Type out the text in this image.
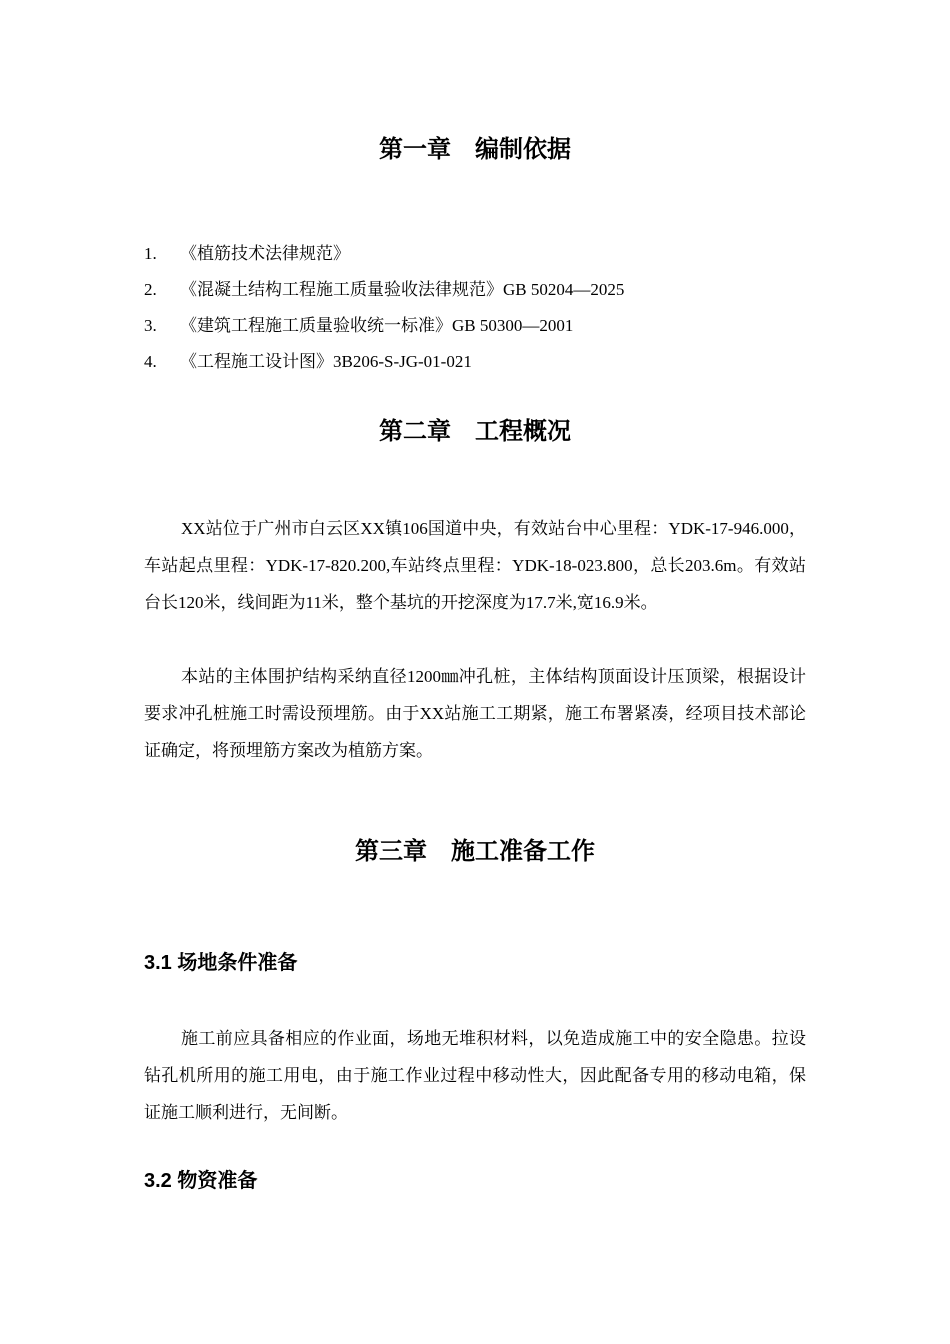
第一章　编制依据
1. 《植筋技术法律规范》
2. 《混凝土结构工程施工质量验收法律规范》GB 50204—2025
3. 《建筑工程施工质量验收统一标准》GB 50300—2001
4. 《工程施工设计图》3B206-S-JG-01-021
第二章　工程概况

XX站位于广州市白云区XX镇106国道中央，有效站台中心里程：YDK-17-946.000，车站起点里程：YDK-17-820.200,车站终点里程：YDK-18-023.800，总长203.6m。有效站台长120米，线间距为11米，整个基坑的开挖深度为17.7米,宽16.9米。

本站的主体围护结构采纳直径1200㎜冲孔桩，主体结构顶面设计压顶梁，根据设计要求冲孔桩施工时需设预埋筋。由于XX站施工工期紧，施工布署紧凑，经项目技术部论证确定，将预埋筋方案改为植筋方案。

第三章　施工准备工作
3.1 场地条件准备

施工前应具备相应的作业面，场地无堆积材料，以免造成施工中的安全隐患。拉设钻孔机所用的施工用电，由于施工作业过程中移动性大，因此配备专用的移动电箱，保证施工顺利进行，无间断。

3.2 物资准备
